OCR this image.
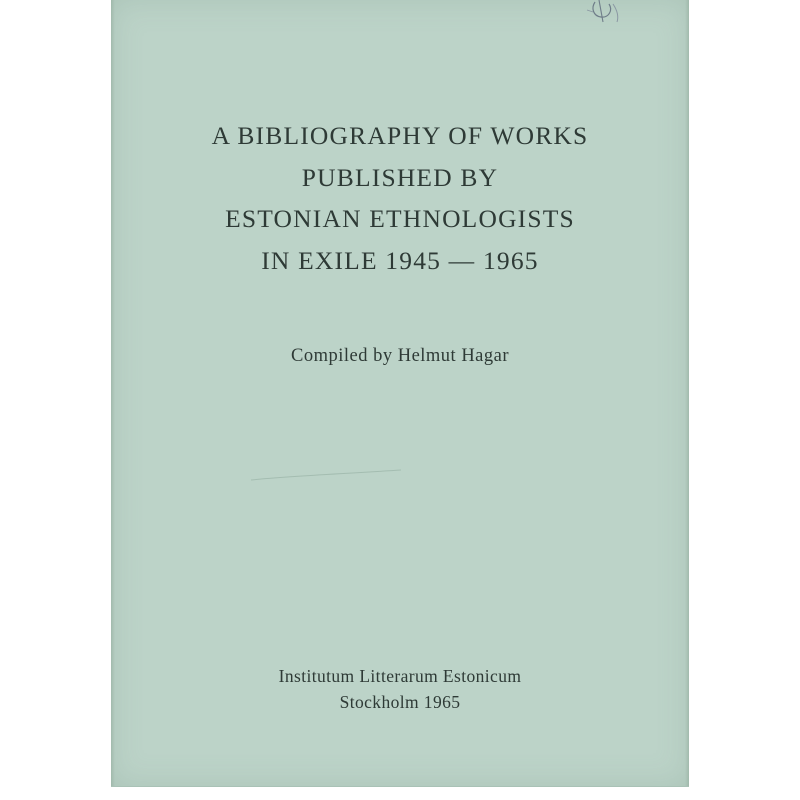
A BIBLIOGRAPHY OF WORKS
PUBLISHED BY
ESTONIAN ETHNOLOGISTS
IN EXILE 1945 — 1965
Compiled by Helmut Hagar
Institutum Litterarum Estonicum
Stockholm 1965
